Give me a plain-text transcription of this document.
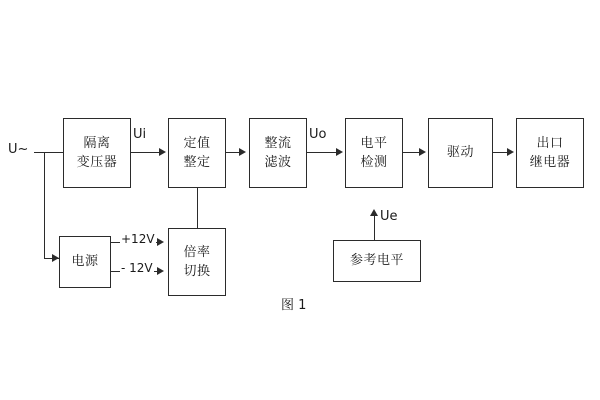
U~	隔离
变压器
定值
整定
整流
滤波
电平
检测
驱动
出口
继电器
电源
倍率
切换
参考电平
Ui	Uo
Ue
+12V
- 12V
图 1
